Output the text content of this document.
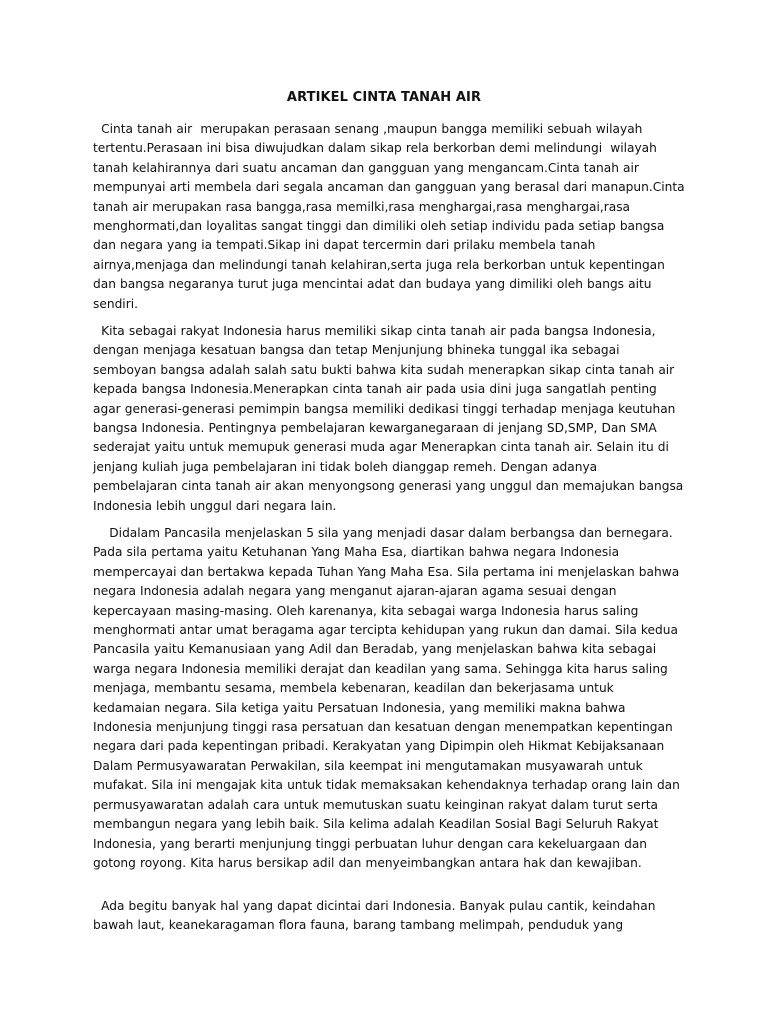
ARTIKEL CINTA TANAH AIR
Cinta tanah air  merupakan perasaan senang ,maupun bangga memiliki sebuah wilayah tertentu.Perasaan ini bisa diwujudkan dalam sikap rela berkorban demi melindungi  wilayah tanah kelahirannya dari suatu ancaman dan gangguan yang mengancam.Cinta tanah air mempunyai arti membela dari segala ancaman dan gangguan yang berasal dari manapun.Cinta tanah air merupakan rasa bangga,rasa memilki,rasa menghargai,rasa menghargai,rasa menghormati,dan loyalitas sangat tinggi dan dimiliki oleh setiap individu pada setiap bangsa dan negara yang ia tempati.Sikap ini dapat tercermin dari prilaku membela tanah airnya,menjaga dan melindungi tanah kelahiran,serta juga rela berkorban untuk kepentingan dan bangsa negaranya turut juga mencintai adat dan budaya yang dimiliki oleh bangs aitu sendiri.
Kita sebagai rakyat Indonesia harus memiliki sikap cinta tanah air pada bangsa Indonesia, dengan menjaga kesatuan bangsa dan tetap Menjunjung bhineka tunggal ika sebagai semboyan bangsa adalah salah satu bukti bahwa kita sudah menerapkan sikap cinta tanah air kepada bangsa Indonesia.Menerapkan cinta tanah air pada usia dini juga sangatlah penting agar generasi-generasi pemimpin bangsa memiliki dedikasi tinggi terhadap menjaga keutuhan bangsa Indonesia. Pentingnya pembelajaran kewarganegaraan di jenjang SD,SMP, Dan SMA sederajat yaitu untuk memupuk generasi muda agar Menerapkan cinta tanah air. Selain itu di jenjang kuliah juga pembelajaran ini tidak boleh dianggap remeh. Dengan adanya pembelajaran cinta tanah air akan menyongsong generasi yang unggul dan memajukan bangsa Indonesia lebih unggul dari negara lain.
Didalam Pancasila menjelaskan 5 sila yang menjadi dasar dalam berbangsa dan bernegara. Pada sila pertama yaitu Ketuhanan Yang Maha Esa, diartikan bahwa negara Indonesia mempercayai dan bertakwa kepada Tuhan Yang Maha Esa. Sila pertama ini menjelaskan bahwa negara Indonesia adalah negara yang menganut ajaran-ajaran agama sesuai dengan kepercayaan masing-masing. Oleh karenanya, kita sebagai warga Indonesia harus saling menghormati antar umat beragama agar tercipta kehidupan yang rukun dan damai. Sila kedua Pancasila yaitu Kemanusiaan yang Adil dan Beradab, yang menjelaskan bahwa kita sebagai warga negara Indonesia memiliki derajat dan keadilan yang sama. Sehingga kita harus saling menjaga, membantu sesama, membela kebenaran, keadilan dan bekerjasama untuk kedamaian negara. Sila ketiga yaitu Persatuan Indonesia, yang memiliki makna bahwa Indonesia menjunjung tinggi rasa persatuan dan kesatuan dengan menempatkan kepentingan negara dari pada kepentingan pribadi. Kerakyatan yang Dipimpin oleh Hikmat Kebijaksanaan Dalam Permusyawaratan Perwakilan, sila keempat ini mengutamakan musyawarah untuk mufakat. Sila ini mengajak kita untuk tidak memaksakan kehendaknya terhadap orang lain dan permusyawaratan adalah cara untuk memutuskan suatu keinginan rakyat dalam turut serta membangun negara yang lebih baik. Sila kelima adalah Keadilan Sosial Bagi Seluruh Rakyat Indonesia, yang berarti menjunjung tinggi perbuatan luhur dengan cara kekeluargaan dan gotong royong. Kita harus bersikap adil dan menyeimbangkan antara hak dan kewajiban.
Ada begitu banyak hal yang dapat dicintai dari Indonesia. Banyak pulau cantik, keindahan bawah laut, keanekaragaman flora fauna, barang tambang melimpah, penduduk yang
